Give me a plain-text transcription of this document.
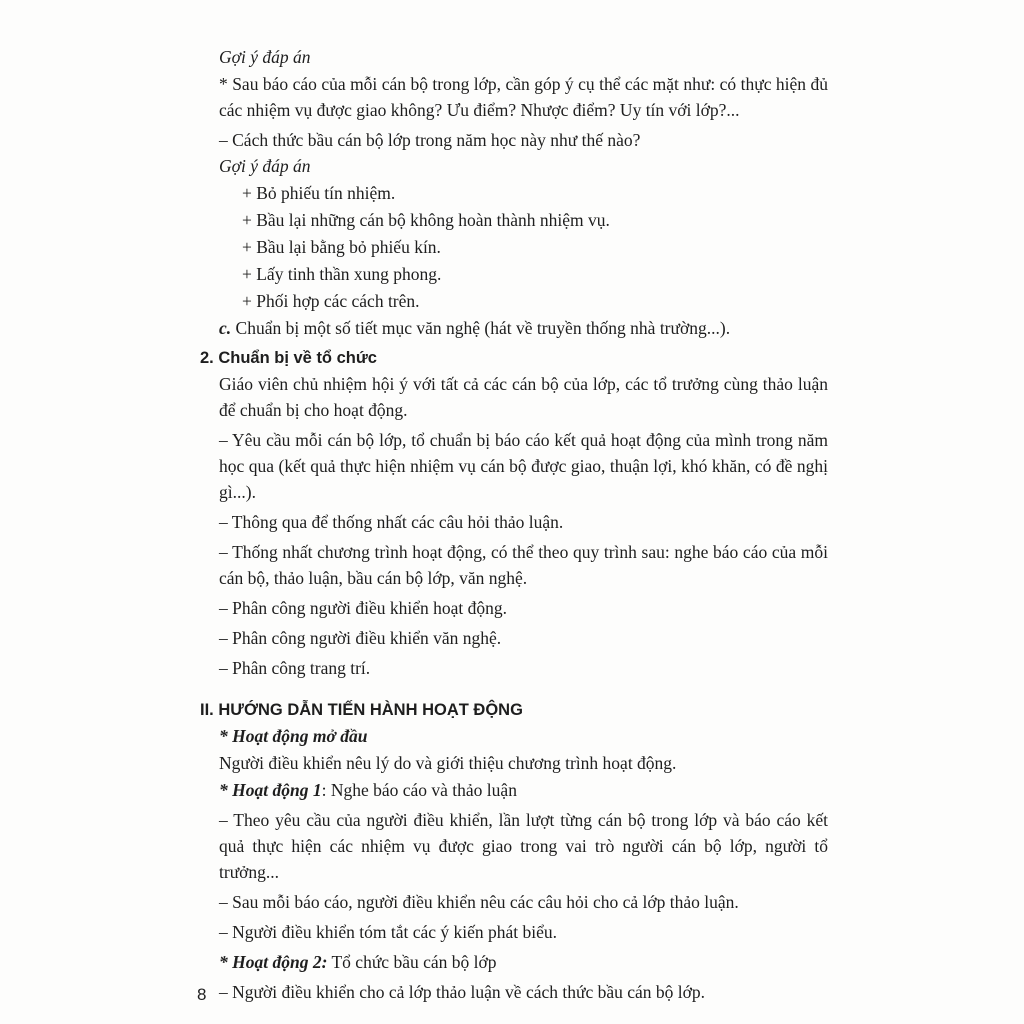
Gợi ý đáp án

* Sau báo cáo của mỗi cán bộ trong lớp, cần góp ý cụ thể các mặt như: có thực hiện đủ các nhiệm vụ được giao không? Ưu điểm? Nhược điểm? Uy tín với lớp?...

– Cách thức bầu cán bộ lớp trong năm học này như thế nào?

Gợi ý đáp án

+ Bỏ phiếu tín nhiệm.

+ Bầu lại những cán bộ không hoàn thành nhiệm vụ.

+ Bầu lại bằng bỏ phiếu kín.

+ Lấy tinh thần xung phong.

+ Phối hợp các cách trên.

c. Chuẩn bị một số tiết mục văn nghệ (hát về truyền thống nhà trường...).

2. Chuẩn bị về tổ chức

Giáo viên chủ nhiệm hội ý với tất cả các cán bộ của lớp, các tổ trưởng cùng thảo luận để chuẩn bị cho hoạt động.

– Yêu cầu mỗi cán bộ lớp, tổ chuẩn bị báo cáo kết quả hoạt động của mình trong năm học qua (kết quả thực hiện nhiệm vụ cán bộ được giao, thuận lợi, khó khăn, có đề nghị gì...).

– Thông qua để thống nhất các câu hỏi thảo luận.

– Thống nhất chương trình hoạt động, có thể theo quy trình sau: nghe báo cáo của mỗi cán bộ, thảo luận, bầu cán bộ lớp, văn nghệ.

– Phân công người điều khiển hoạt động.

– Phân công người điều khiển văn nghệ.

– Phân công trang trí.

II. HƯỚNG DẪN TIẾN HÀNH HOẠT ĐỘNG

* Hoạt động mở đầu

Người điều khiển nêu lý do và giới thiệu chương trình hoạt động.

* Hoạt động 1: Nghe báo cáo và thảo luận

– Theo yêu cầu của người điều khiển, lần lượt từng cán bộ trong lớp và báo cáo kết quả thực hiện các nhiệm vụ được giao trong vai trò người cán bộ lớp, người tổ trưởng...

– Sau mỗi báo cáo, người điều khiển nêu các câu hỏi cho cả lớp thảo luận.

– Người điều khiển tóm tắt các ý kiến phát biểu.

* Hoạt động 2: Tổ chức bầu cán bộ lớp

– Người điều khiển cho cả lớp thảo luận về cách thức bầu cán bộ lớp.

8
